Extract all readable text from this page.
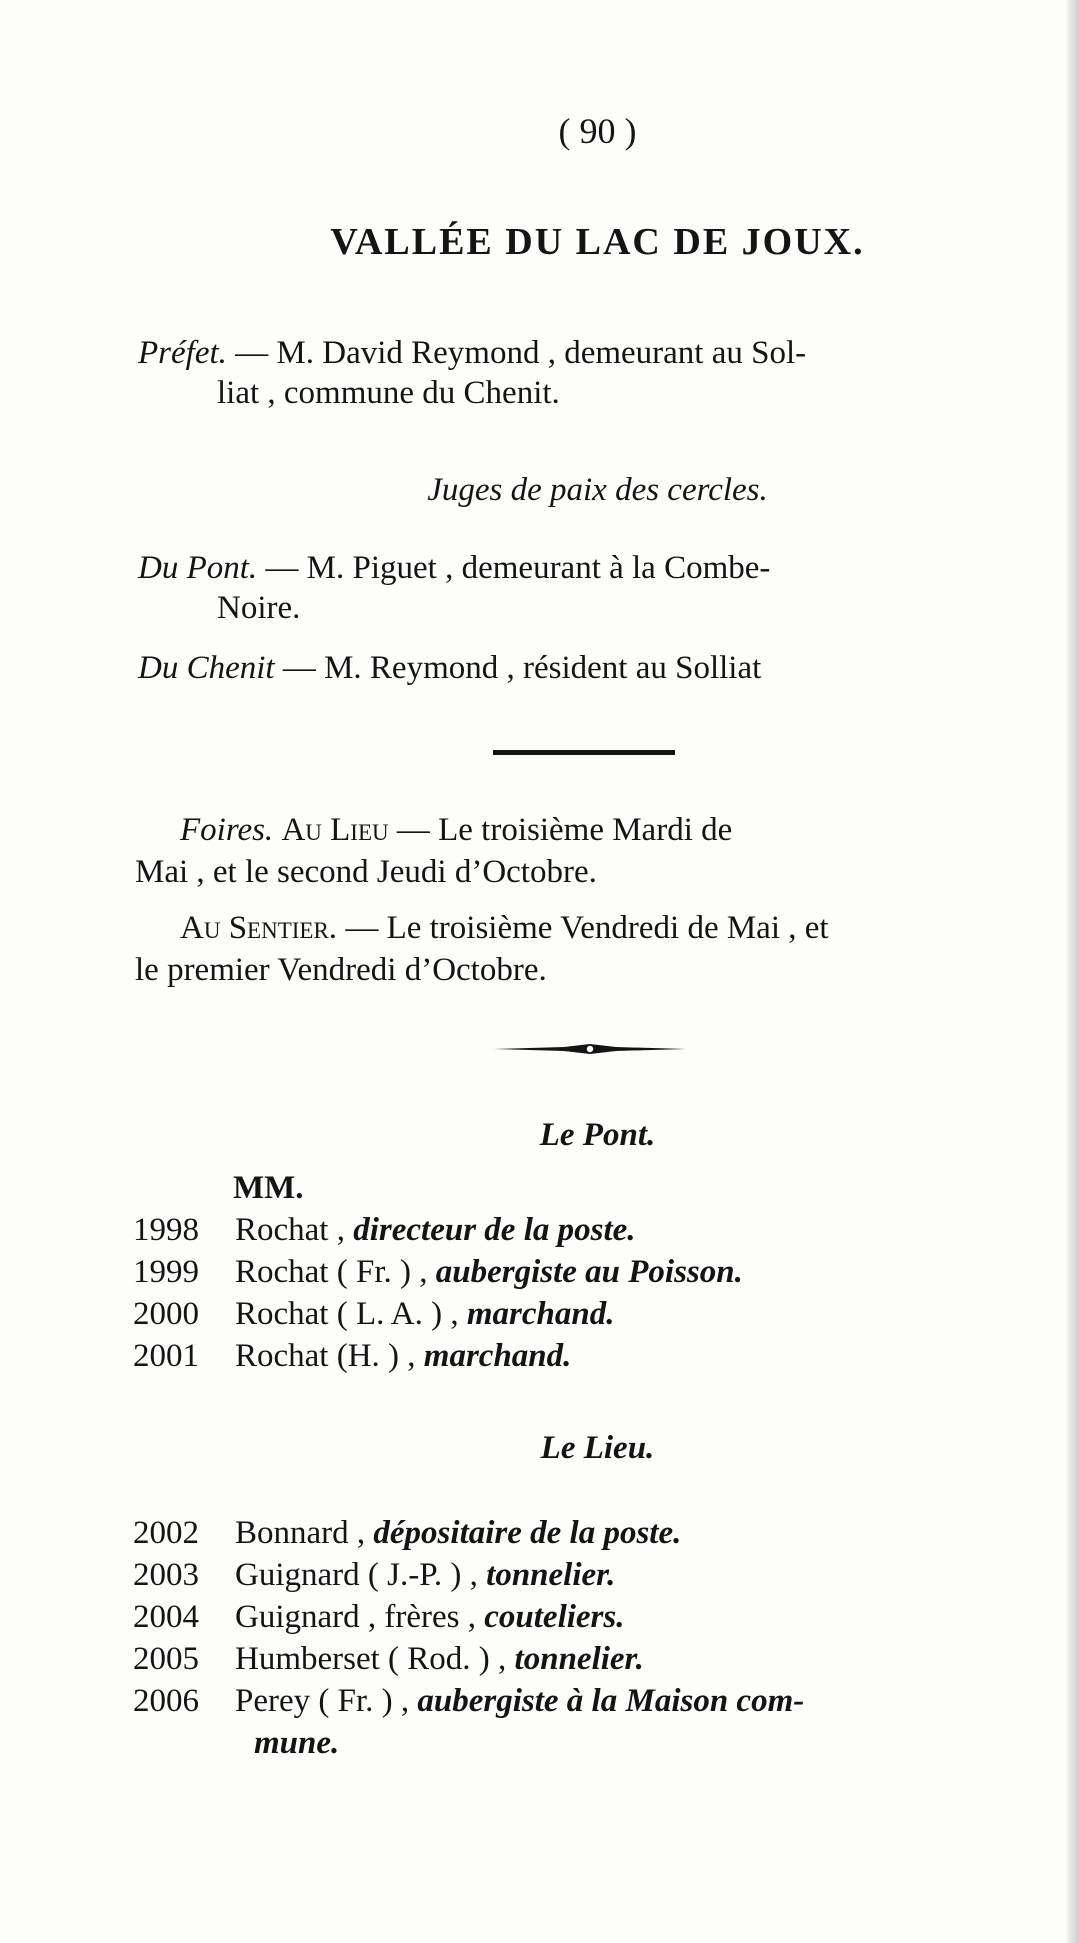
( 90 )
VALLÉE DU LAC DE JOUX.
Préfet. — M. David Reymond , demeurant au Sol-
liat , commune du Chenit.
Juges de paix des cercles.
Du Pont. — M. Piguet , demeurant à la Combe-
Noire.
Du Chenit — M. Reymond , résident au Solliat
Foires. Au Lieu — Le troisième Mardi de
Mai , et le second Jeudi d’Octobre.
Au Sentier. — Le troisième Vendredi de Mai , et
le premier Vendredi d’Octobre.
Le Pont.
MM.
1998 Rochat , directeur de la poste.
1999 Rochat ( Fr. ) , aubergiste au Poisson.
2000 Rochat ( L. A. ) , marchand.
2001 Rochat (H. ) , marchand.
Le Lieu.
2002 Bonnard , dépositaire de la poste.
2003 Guignard ( J.-P. ) , tonnelier.
2004 Guignard , frères , couteliers.
2005 Humberset ( Rod. ) , tonnelier.
2006 Perey ( Fr. ) , aubergiste à la Maison com-
mune.
